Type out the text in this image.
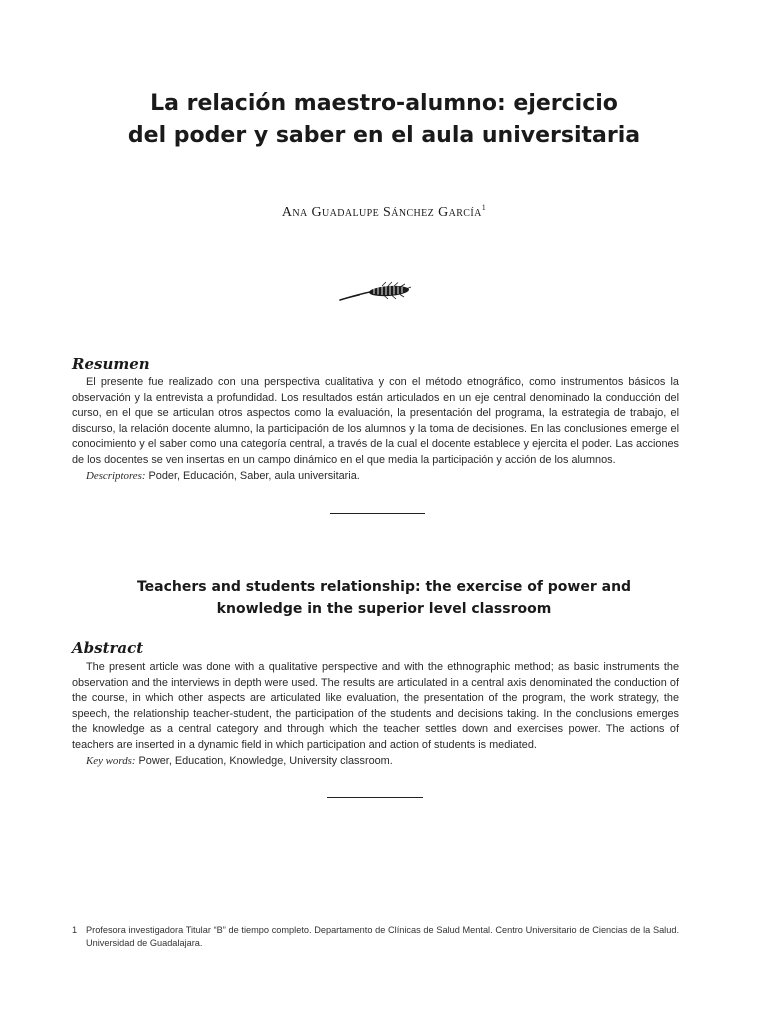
La relación maestro-alumno: ejercicio
del poder y saber en el aula universitaria
Ana Guadalupe Sánchez García$^1$
Resumen

El presente fue realizado con una perspectiva cualitativa y con el método etnográfico, como instrumentos básicos la observación y la entrevista a profundidad. Los resultados están articulados en un eje central denominado la conducción del curso, en el que se articulan otros aspectos como la evaluación, la presentación del programa, la estrategia de trabajo, el discurso, la relación docente alumno, la participación de los alumnos y la toma de decisiones. En las conclusiones emerge el conocimiento y el saber como una categoría central, a través de la cual el docente establece y ejercita el poder. Las acciones de los docentes se ven insertas en un campo dinámico en el que media la participación y acción de los alumnos.

Descriptores: Poder, Educación, Saber, aula universitaria.
Teachers and students relationship: the exercise of power and
knowledge in the superior level classroom
Abstract

The present article was done with a qualitative perspective and with the ethnographic method; as basic instruments the observation and the interviews in depth were used. The results are articulated in a central axis denominated the conduction of the course, in which other aspects are articulated like evaluation, the presentation of the program, the work strategy, the speech, the relationship teacher-student, the participation of the students and decisions taking. In the conclusions emerges the knowledge as a central category and through which the teacher settles down and exercises power. The actions of teachers are inserted in a dynamic field in which participation and action of students is mediated.

Key words: Power, Education, Knowledge, University classroom.
1 Profesora investigadora Titular “B” de tiempo completo. Departamento de Clínicas de Salud Mental. Centro Universitario de Ciencias de la Salud. Universidad de Guadalajara.
